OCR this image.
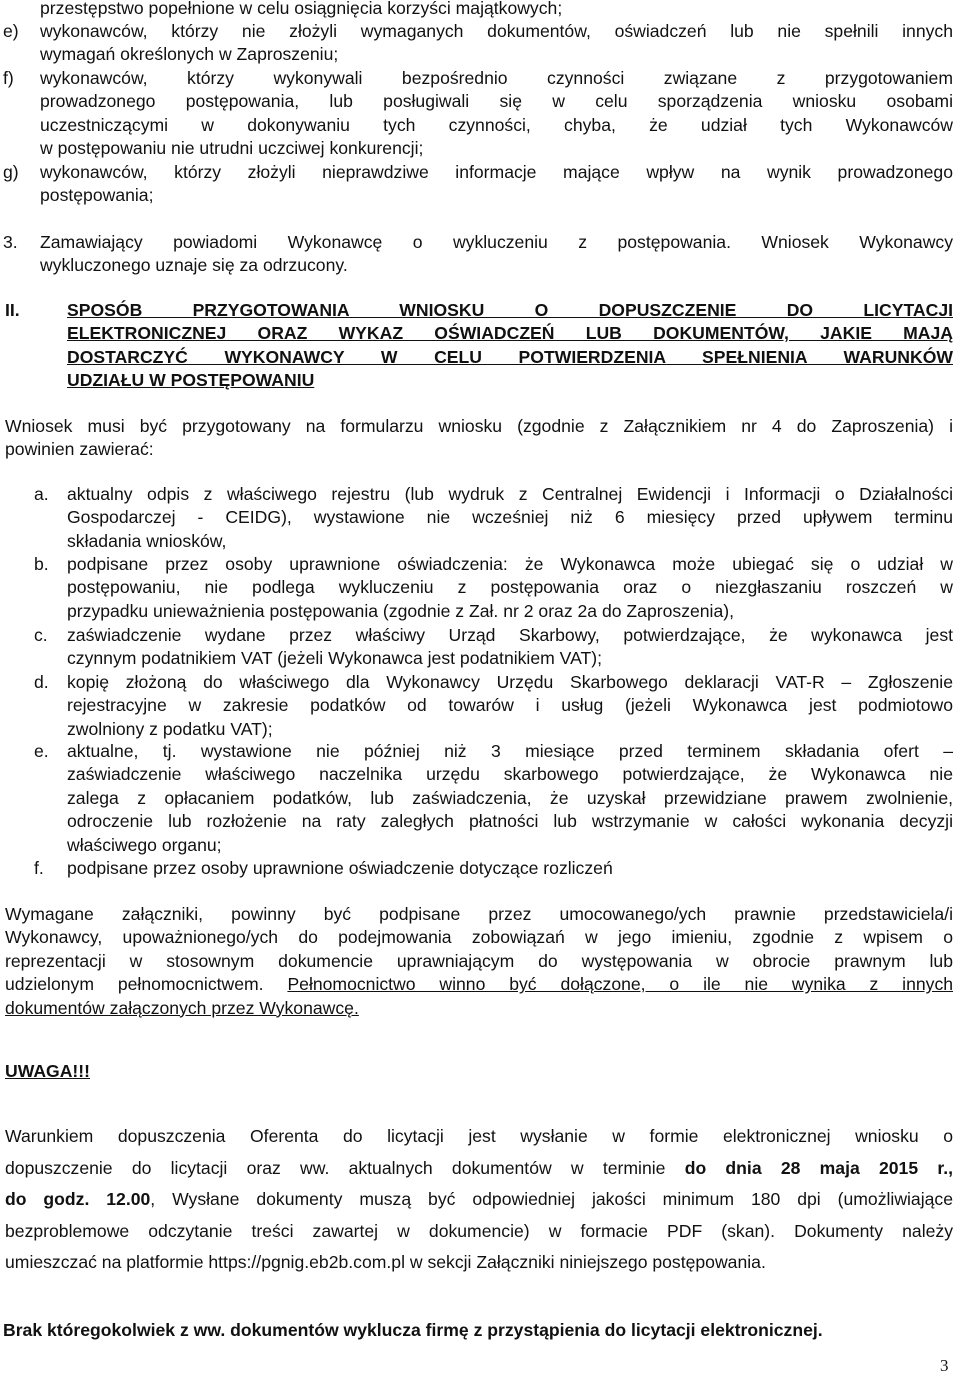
przestępstwo popełnione w celu osiągnięcia korzyści majątkowych;
e) wykonawców, którzy nie złożyli wymaganych dokumentów, oświadczeń lub nie spełnili innych
wymagań określonych w Zaproszeniu;
f) wykonawców, którzy wykonywali bezpośrednio czynności związane z przygotowaniem
prowadzonego postępowania, lub posługiwali się w celu sporządzenia wniosku osobami
uczestniczącymi w dokonywaniu tych czynności, chyba, że udział tych Wykonawców
w postępowaniu nie utrudni uczciwej konkurencji;
g) wykonawców, którzy złożyli nieprawdziwe informacje mające wpływ na wynik prowadzonego
postępowania;
3. Zamawiający powiadomi Wykonawcę o wykluczeniu z postępowania. Wniosek Wykonawcy
wykluczonego uznaje się za odrzucony.
II.	SPOSÓB PRZYGOTOWANIA WNIOSKU O DOPUSZCZENIE DO LICYTACJI
ELEKTRONICZNEJ ORAZ WYKAZ OŚWIADCZEŃ LUB DOKUMENTÓW, JAKIE MAJĄ
DOSTARCZYĆ WYKONAWCY W CELU POTWIERDZENIA SPEŁNIENIA WARUNKÓW
UDZIAŁU W POSTĘPOWANIU
Wniosek musi być przygotowany na formularzu wniosku (zgodnie z Załącznikiem nr 4 do Zaproszenia) i
powinien zawierać:
a. aktualny odpis z właściwego rejestru (lub wydruk z Centralnej Ewidencji i Informacji o Działalności
Gospodarczej - CEIDG), wystawione nie wcześniej niż 6 miesięcy przed upływem terminu
składania wniosków,
b. podpisane przez osoby uprawnione oświadczenia: że Wykonawca może ubiegać się o udział w
postępowaniu, nie podlega wykluczeniu z postępowania oraz o niezgłaszaniu roszczeń w
przypadku unieważnienia postępowania (zgodnie z Zał. nr 2 oraz 2a do Zaproszenia),
c. zaświadczenie wydane przez właściwy Urząd Skarbowy, potwierdzające, że wykonawca jest
czynnym podatnikiem VAT (jeżeli Wykonawca jest podatnikiem VAT);
d. kopię złożoną do właściwego dla Wykonawcy Urzędu Skarbowego deklaracji VAT-R – Zgłoszenie
rejestracyjne w zakresie podatków od towarów i usług (jeżeli Wykonawca jest podmiotowo
zwolniony z podatku VAT);
e. aktualne, tj. wystawione nie później niż 3 miesiące przed terminem składania ofert –
zaświadczenie właściwego naczelnika urzędu skarbowego potwierdzające, że Wykonawca nie
zalega z opłacaniem podatków, lub zaświadczenia, że uzyskał przewidziane prawem zwolnienie,
odroczenie lub rozłożenie na raty zaległych płatności lub wstrzymanie w całości wykonania decyzji
właściwego organu;
f. podpisane przez osoby uprawnione oświadczenie dotyczące rozliczeń
Wymagane załączniki, powinny być podpisane przez umocowanego/ych prawnie przedstawiciela/i
Wykonawcy, upoważnionego/ych do podejmowania zobowiązań w jego imieniu, zgodnie z wpisem o
reprezentacji w stosownym dokumencie uprawniającym do występowania w obrocie prawnym lub
udzielonym pełnomocnictwem. Pełnomocnictwo winno być dołączone, o ile nie wynika z innych
dokumentów załączonych przez Wykonawcę.
UWAGA!!!
Warunkiem dopuszczenia Oferenta do licytacji jest wysłanie w formie elektronicznej wniosku o
dopuszczenie do licytacji oraz ww. aktualnych dokumentów w terminie do dnia 28 maja 2015 r.,
do godz. 12.00, Wysłane dokumenty muszą być odpowiedniej jakości minimum 180 dpi (umożliwiające
bezproblemowe odczytanie treści zawartej w dokumencie) w formacie PDF (skan). Dokumenty należy
umieszczać na platformie https://pgnig.eb2b.com.pl w sekcji Załączniki niniejszego postępowania.
Brak któregokolwiek z ww. dokumentów wyklucza firmę z przystąpienia do licytacji elektronicznej.
3
